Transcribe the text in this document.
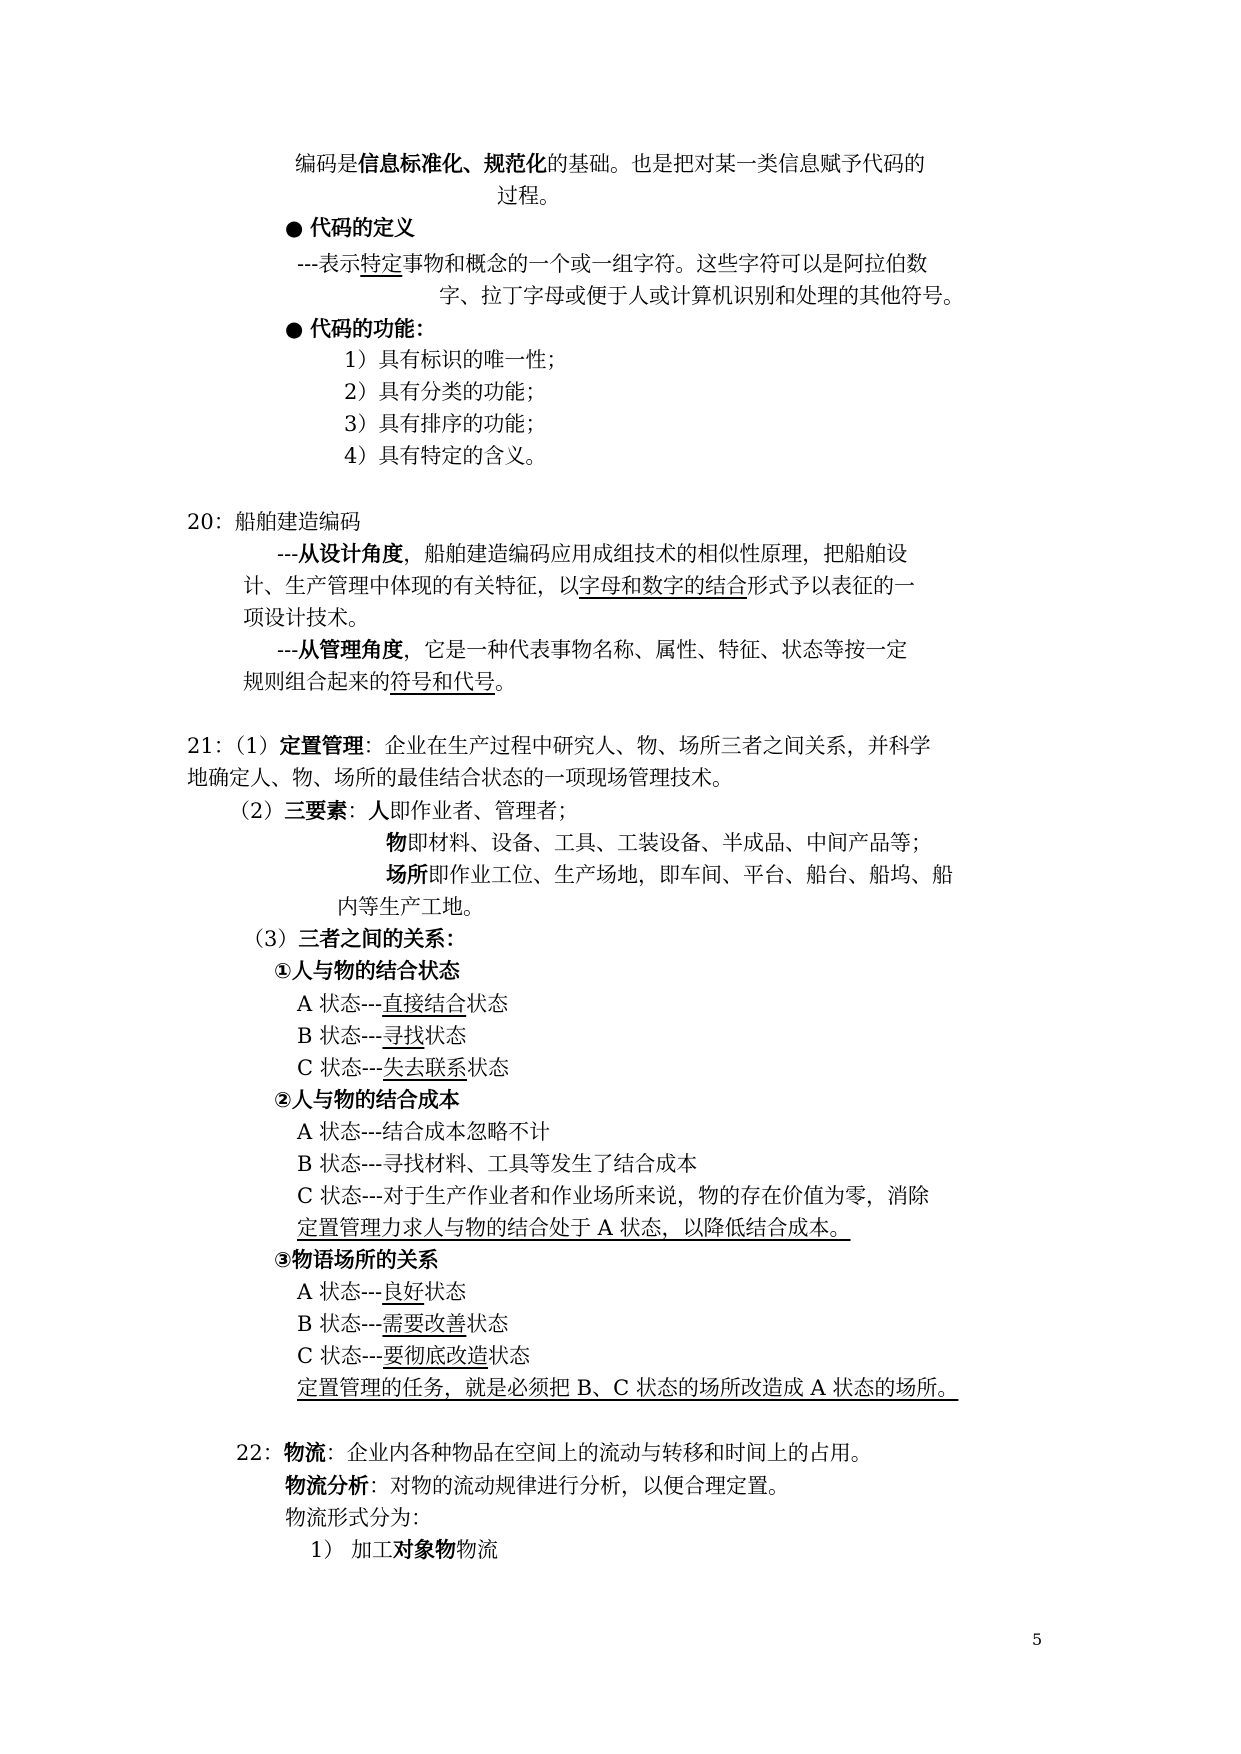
编码是信息标准化、规范化的基础。也是把对某一类信息赋予代码的
过程。
● 代码的定义
---表示特定事物和概念的一个或一组字符。这些字符可以是阿拉伯数
字、拉丁字母或便于人或计算机识别和处理的其他符号。
● 代码的功能：
1）具有标识的唯一性；
2）具有分类的功能；
3）具有排序的功能；
4）具有特定的含义。
20：船舶建造编码
---从设计角度，船舶建造编码应用成组技术的相似性原理，把船舶设
计、生产管理中体现的有关特征，以字母和数字的结合形式予以表征的一
项设计技术。
---从管理角度，它是一种代表事物名称、属性、特征、状态等按一定
规则组合起来的符号和代号。
21：（1）定置管理：企业在生产过程中研究人、物、场所三者之间关系，并科学
地确定人、物、场所的最佳结合状态的一项现场管理技术。
（2）三要素：人即作业者、管理者；
物即材料、设备、工具、工装设备、半成品、中间产品等；
场所即作业工位、生产场地，即车间、平台、船台、船坞、船
内等生产工地。
（3）三者之间的关系：
①人与物的结合状态
A 状态---直接结合状态
B 状态---寻找状态
C 状态---失去联系状态
②人与物的结合成本
A 状态---结合成本忽略不计
B 状态---寻找材料、工具等发生了结合成本
C 状态---对于生产作业者和作业场所来说，物的存在价值为零，消除
定置管理力求人与物的结合处于 A 状态，以降低结合成本。
③物语场所的关系
A 状态---良好状态
B 状态---需要改善状态
C 状态---要彻底改造状态
定置管理的任务，就是必须把 B、C 状态的场所改造成 A 状态的场所。
22：物流：企业内各种物品在空间上的流动与转移和时间上的占用。
物流分析：对物的流动规律进行分析，以便合理定置。
物流形式分为：
1） 加工对象物物流
5
